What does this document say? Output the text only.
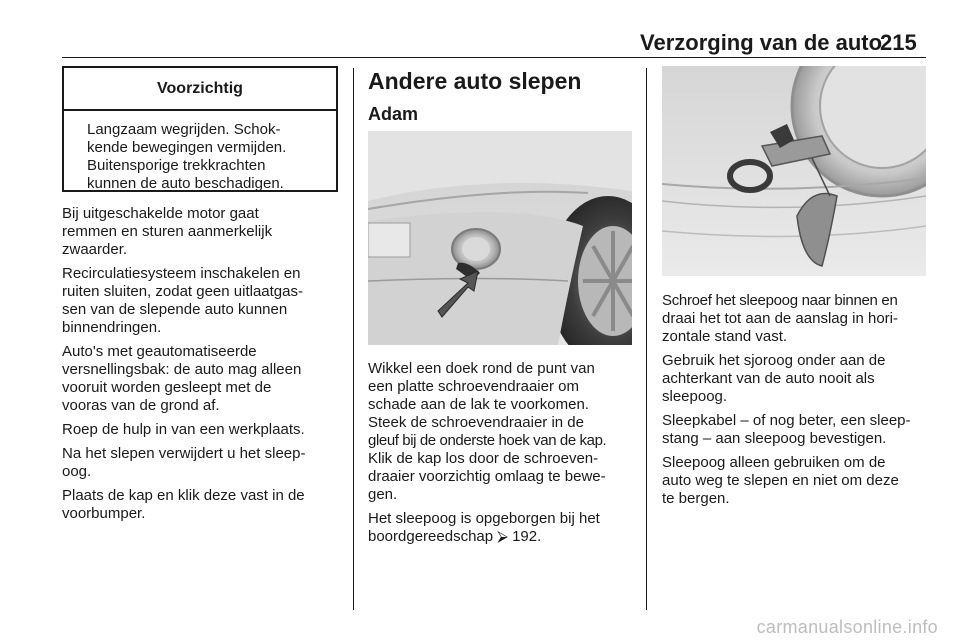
Verzorging van de auto
215
Voorzichtig
Langzaam wegrijden. Schok-
kende bewegingen vermijden.
Buitensporige trekkrachten
kunnen de auto beschadigen.

Bij uitgeschakelde motor gaat
remmen en sturen aanmerkelijk
zwaarder.

Recirculatiesysteem inschakelen en
ruiten sluiten, zodat geen uitlaatgas-
sen van de slepende auto kunnen
binnendringen.

Auto's met geautomatiseerde
versnellingsbak: de auto mag alleen
vooruit worden gesleept met de
vooras van de grond af.

Roep de hulp in van een werkplaats.

Na het slepen verwijdert u het sleep-
oog.

Plaats de kap en klik deze vast in de
voorbumper.

Andere auto slepen
Adam

Wikkel een doek rond de punt van
een platte schroevendraaier om
schade aan de lak te voorkomen.
Steek de schroevendraaier in de
gleuf bij de onderste hoek van de kap.
Klik de kap los door de schroeven-
draaier voorzichtig omlaag te bewe-
gen.

Het sleepoog is opgeborgen bij het
boordgereedschap ⮚ 192.

Schroef het sleepoog naar binnen en
draai het tot aan de aanslag in hori-
zontale stand vast.

Gebruik het sjoroog onder aan de
achterkant van de auto nooit als
sleepoog.

Sleepkabel – of nog beter, een sleep-
stang – aan sleepoog bevestigen.

Sleepoog alleen gebruiken om de
auto weg te slepen en niet om deze
te bergen.

carmanualsonline.info
